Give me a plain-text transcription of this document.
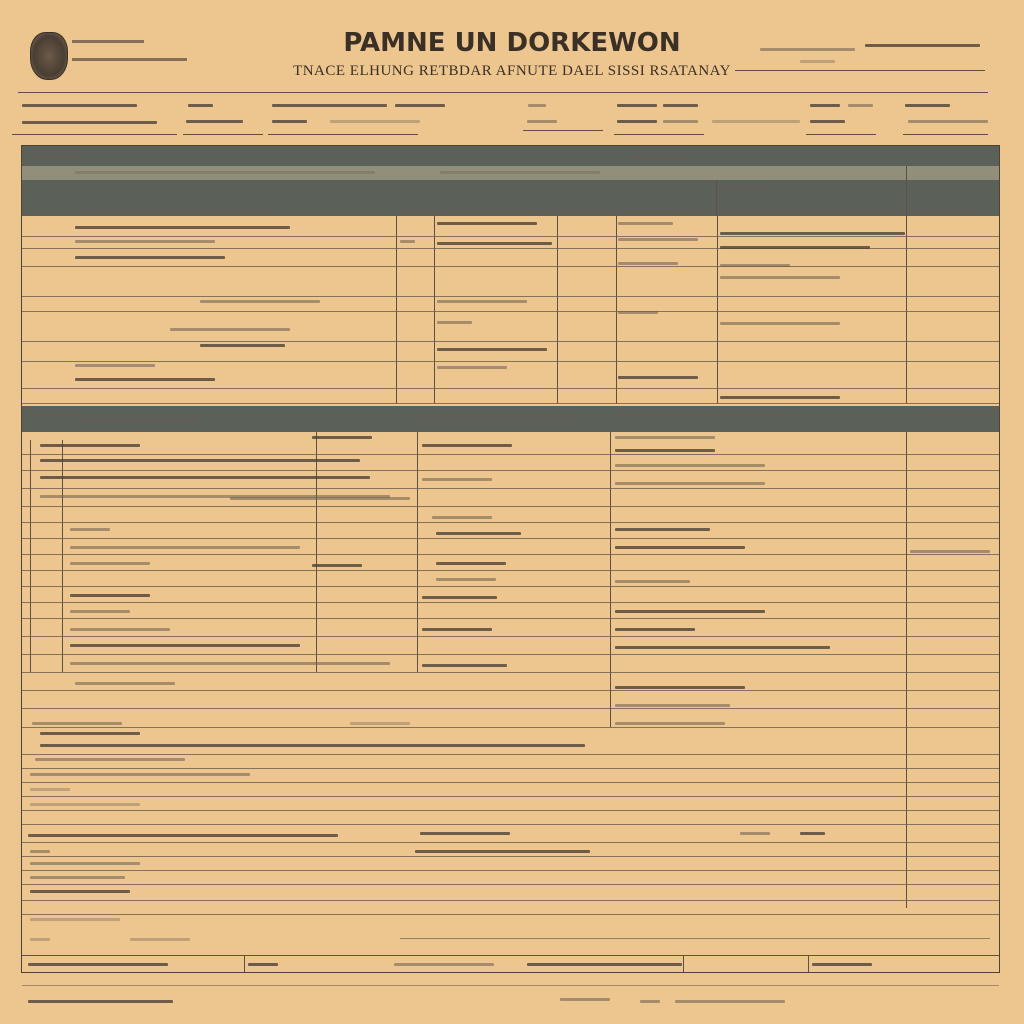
PAMNE UN DORKEWON
TNACE ELHUNG RETBDAR AFNUTE DAEL SISSI RSATANAY
